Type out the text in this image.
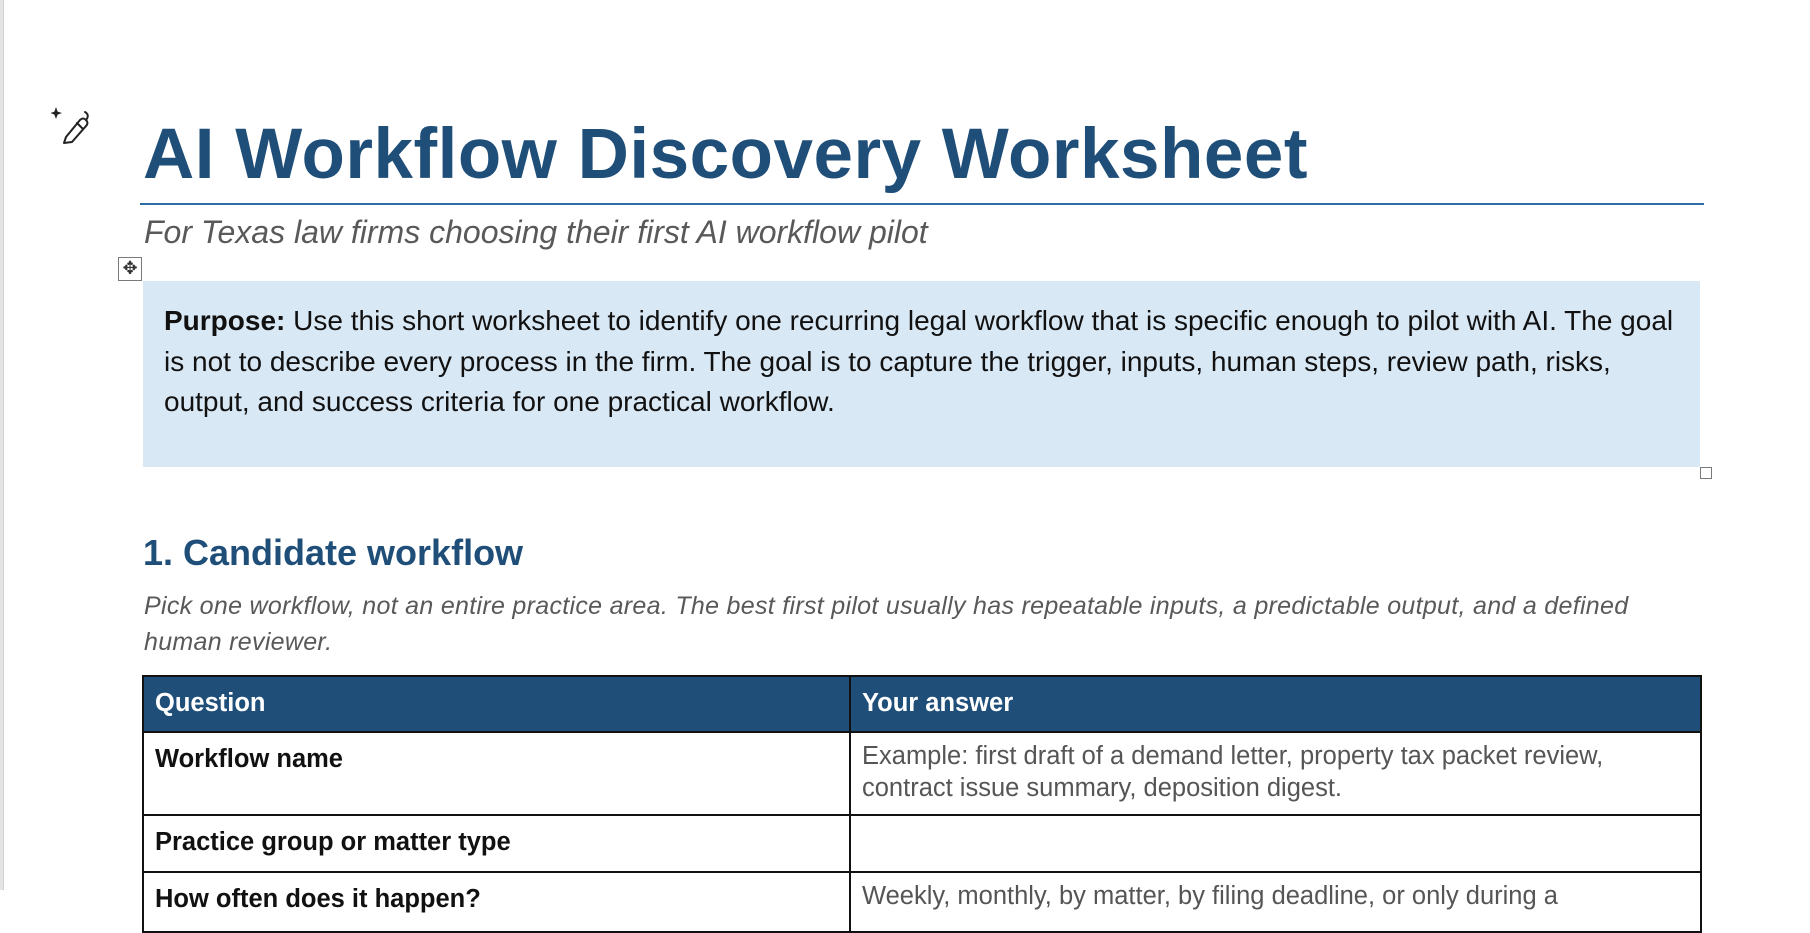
AI Workflow Discovery Worksheet
For Texas law firms choosing their first AI workflow pilot
✥
Purpose: Use this short worksheet to identify one recurring legal workflow that is specific enough to pilot with AI. The goal is not to describe every process in the firm. The goal is to capture the trigger, inputs, human steps, review path, risks, output, and success criteria for one practical workflow.
1. Candidate workflow

Pick one workflow, not an entire practice area. The best first pilot usually has repeatable inputs, a predictable output, and a defined human reviewer.

Question	Your answer
Workflow name	Example: first draft of a demand letter, property tax packet review, contract issue summary, deposition digest.
Practice group or matter type	
How often does it happen?	Weekly, monthly, by matter, by filing deadline, or only during a
